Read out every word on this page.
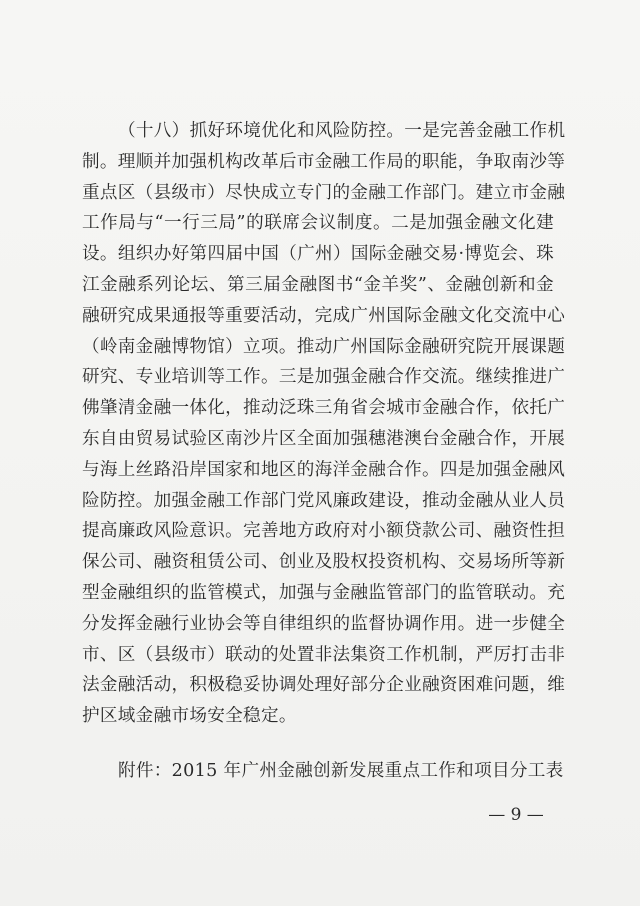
（十八）抓好环境优化和风险防控。一是完善金融工作机
制。理顺并加强机构改革后市金融工作局的职能，争取南沙等
重点区（县级市）尽快成立专门的金融工作部门。建立市金融
工作局与“一行三局”的联席会议制度。二是加强金融文化建
设。组织办好第四届中国（广州）国际金融交易·博览会、珠
江金融系列论坛、第三届金融图书“金羊奖”、金融创新和金
融研究成果通报等重要活动，完成广州国际金融文化交流中心
（岭南金融博物馆）立项。推动广州国际金融研究院开展课题
研究、专业培训等工作。三是加强金融合作交流。继续推进广
佛肇清金融一体化，推动泛珠三角省会城市金融合作，依托广
东自由贸易试验区南沙片区全面加强穗港澳台金融合作，开展
与海上丝路沿岸国家和地区的海洋金融合作。四是加强金融风
险防控。加强金融工作部门党风廉政建设，推动金融从业人员
提高廉政风险意识。完善地方政府对小额贷款公司、融资性担
保公司、融资租赁公司、创业及股权投资机构、交易场所等新
型金融组织的监管模式，加强与金融监管部门的监管联动。充
分发挥金融行业协会等自律组织的监督协调作用。进一步健全
市、区（县级市）联动的处置非法集资工作机制，严厉打击非
法金融活动，积极稳妥协调处理好部分企业融资困难问题，维
护区域金融市场安全稳定。
附件：2015 年广州金融创新发展重点工作和项目分工表
— 9 —
